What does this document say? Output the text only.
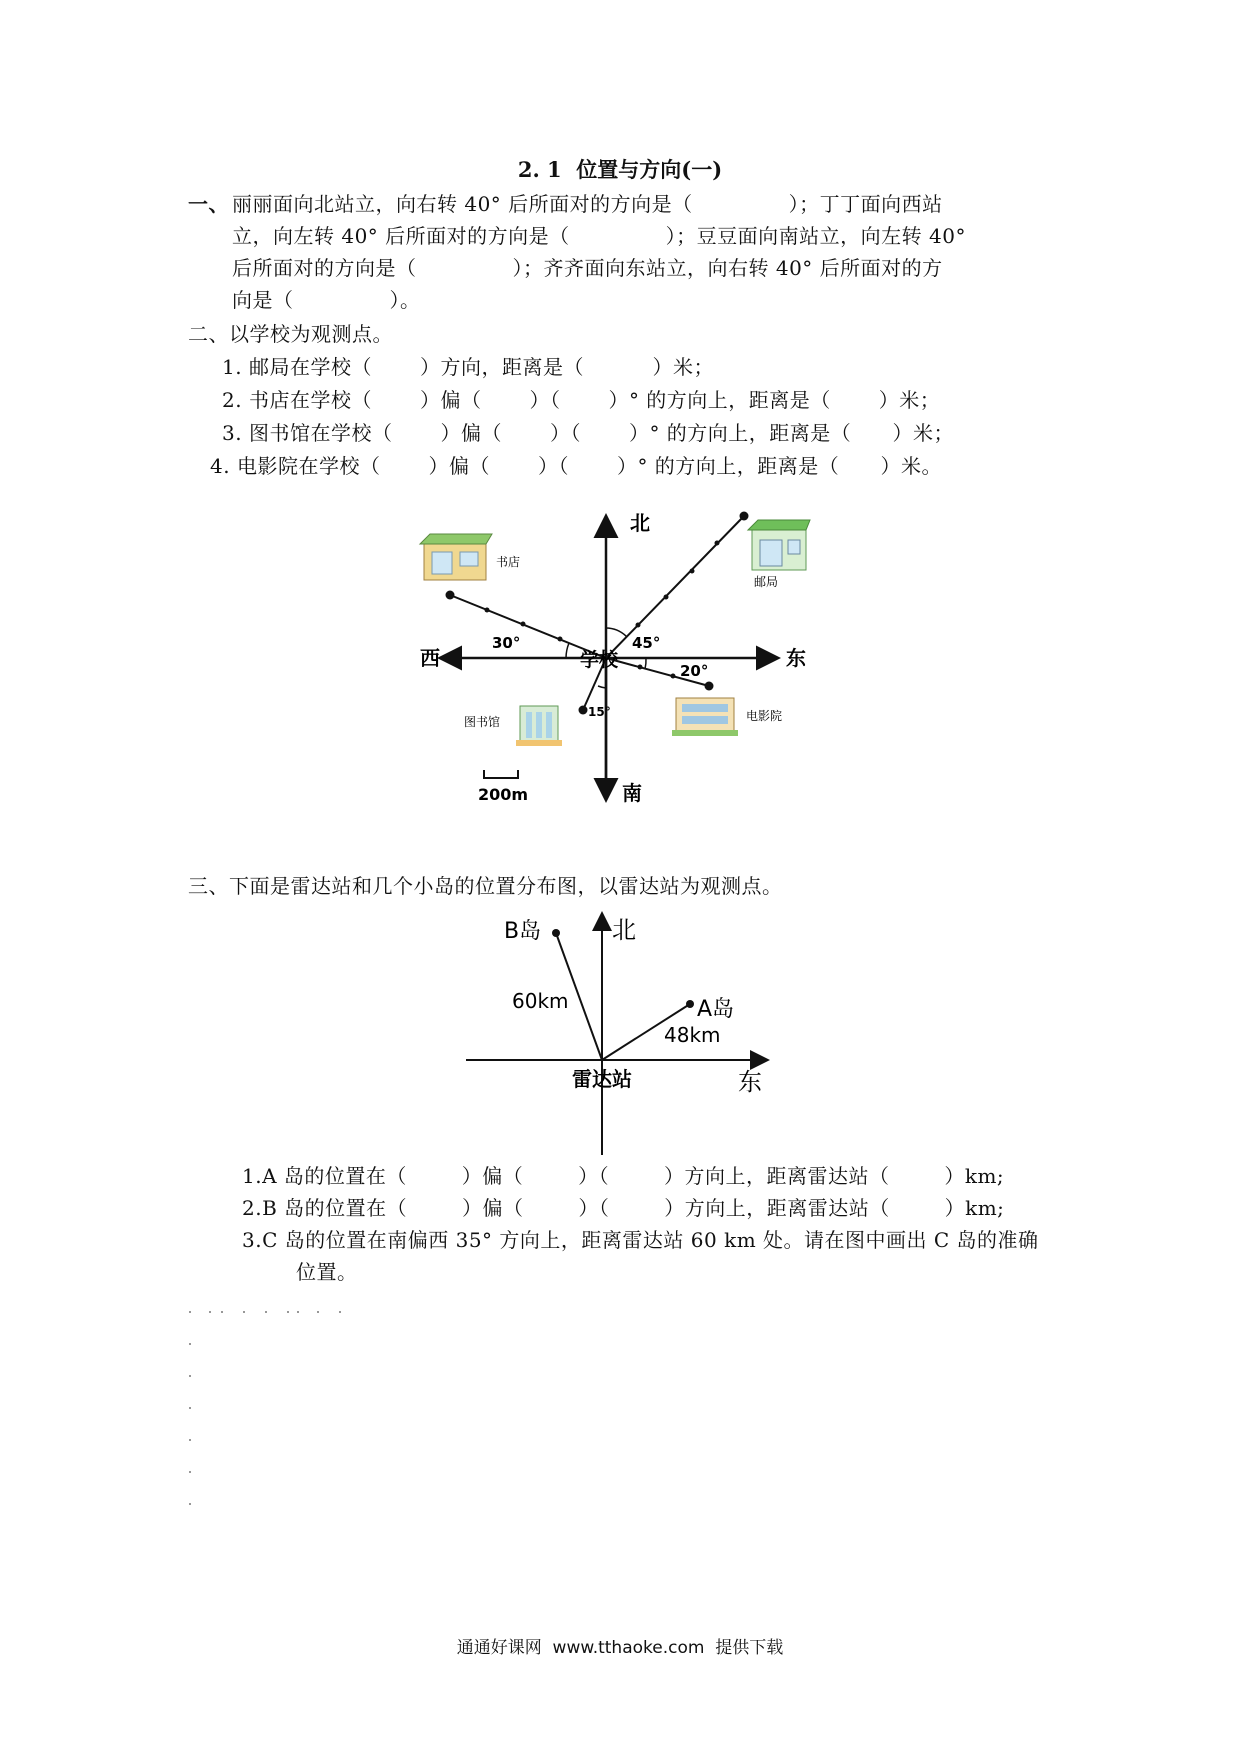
2. 1  位置与方向(一)
一、 丽丽面向北站立，向右转 40° 后所面对的方向是（              ）；丁丁面向西站
立，向左转 40° 后所面对的方向是（              ）；豆豆面向南站立，向左转 40°
后所面对的方向是（              ）；齐齐面向东站立，向右转 40° 后所面对的方
向是（              ）。
二、以学校为观测点。
1. 邮局在学校（       ）方向，距离是（          ）米；
2. 书店在学校（       ）偏（       ）（       ）° 的方向上，距离是（       ）米；
3. 图书馆在学校（       ）偏（       ）（       ）° 的方向上，距离是（      ）米；
4. 电影院在学校（       ）偏（       ）（       ）° 的方向上，距离是（      ）米。
北
南
西	东
学校
30°	45°
20°
15°
书店
邮局
图书馆	电影院
200m
北
东
雷达站
A岛
B岛
48km
60km
三、下面是雷达站和几个小岛的位置分布图，以雷达站为观测点。
1.A 岛的位置在（        ）偏（        ）（        ）方向上，距离雷达站（        ）km;
2.B 岛的位置在（        ）偏（        ）（        ）方向上，距离雷达站（        ）km;
3.C 岛的位置在南偏西 35° 方向上，距离雷达站 60 km 处。请在图中画出 C 岛的准确
位置。
通通好课网  www.tthaoke.com  提供下载
